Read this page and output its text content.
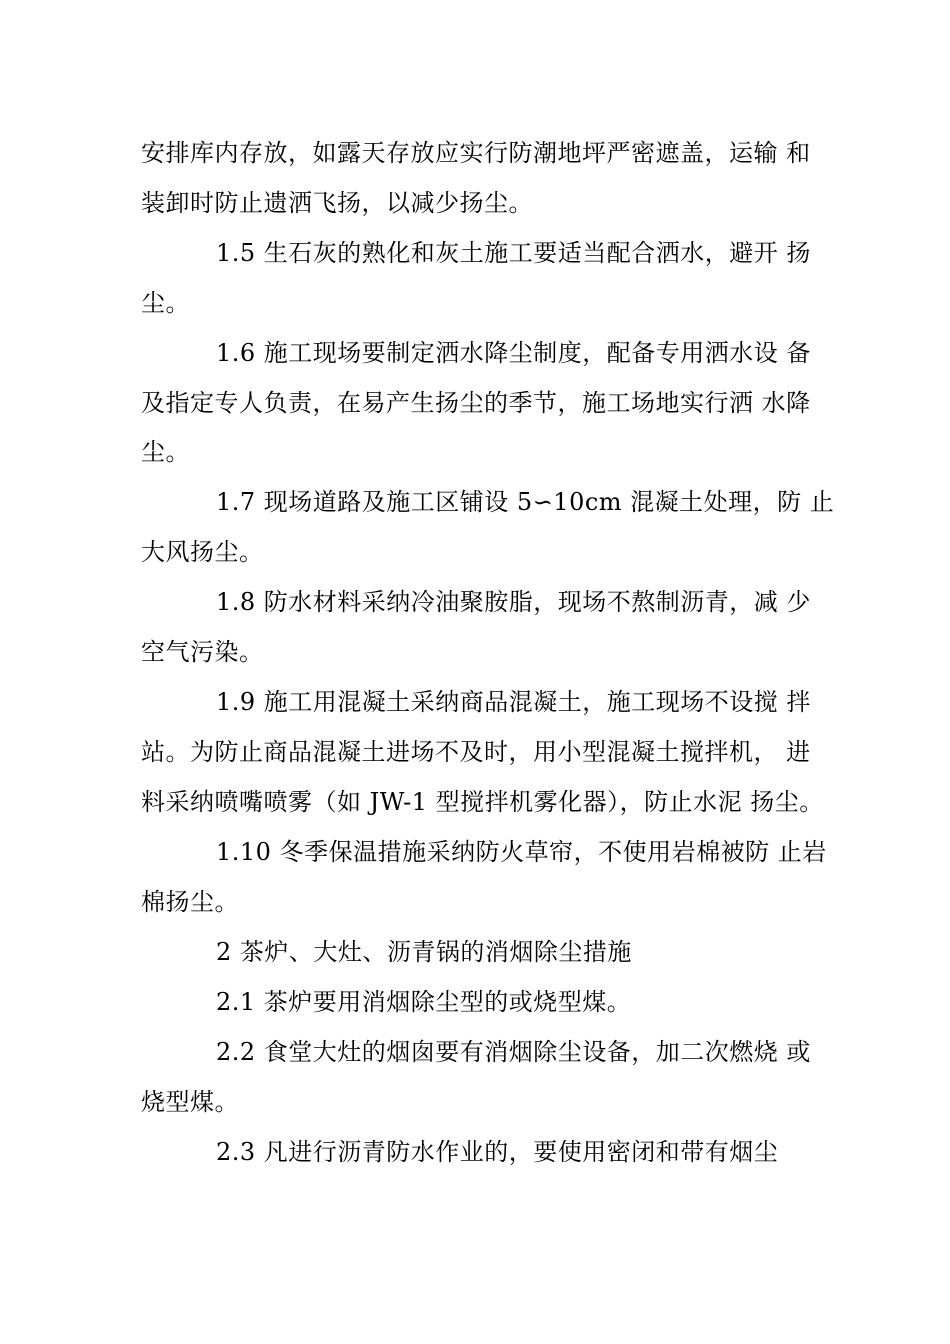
安排库内存放，如露天存放应实行防潮地坪严密遮盖，运输 和
装卸时防止遗洒飞扬，以减少扬尘。
1.5 生石灰的熟化和灰土施工要适当配合洒水，避开 扬
尘。
1.6 施工现场要制定洒水降尘制度，配备专用洒水设 备
及指定专人负责，在易产生扬尘的季节，施工场地实行洒 水降
尘。
1.7 现场道路及施工区铺设 5∽10cm 混凝土处理，防 止
大风扬尘。
1.8 防水材料采纳冷油聚胺脂，现场不熬制沥青，减 少
空气污染。
1.9 施工用混凝土采纳商品混凝土，施工现场不设搅 拌
站。为防止商品混凝土进场不及时，用小型混凝土搅拌机， 进
料采纳喷嘴喷雾（如 JW-1 型搅拌机雾化器），防止水泥 扬尘。
1.10 冬季保温措施采纳防火草帘，不使用岩棉被防 止岩
棉扬尘。
2 茶炉、大灶、沥青锅的消烟除尘措施
2.1 茶炉要用消烟除尘型的或烧型煤。
2.2 食堂大灶的烟囱要有消烟除尘设备，加二次燃烧 或
烧型煤。
2.3 凡进行沥青防水作业的，要使用密闭和带有烟尘
